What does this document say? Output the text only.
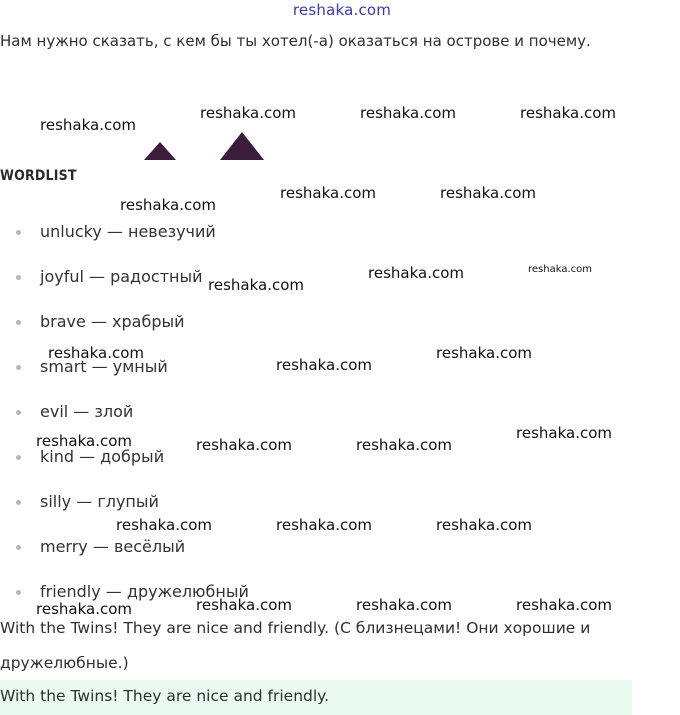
reshaka.com
Нам нужно сказать, с кем бы ты хотел(-а) оказаться на острове и почему.
WORDLIST
unlucky — невезучий
joyful — радостный
brave — храбрый
smart — умный
evil — злой
kind — добрый
silly — глупый
merry — весёлый
friendly — дружелюбный
With the Twins! They are nice and friendly. (С близнецами! Они хорошие и
дружелюбные.)
With the Twins! They are nice and friendly.
reshaka.com
reshaka.com	reshaka.com	reshaka.com
reshaka.com
reshaka.com	reshaka.com
reshaka.com
reshaka.com	reshaka.com
reshaka.com
reshaka.com
reshaka.com
reshaka.com	reshaka.com	reshaka.com
reshaka.com
reshaka.com	reshaka.com	reshaka.com
reshaka.com	reshaka.com	reshaka.com	reshaka.com
